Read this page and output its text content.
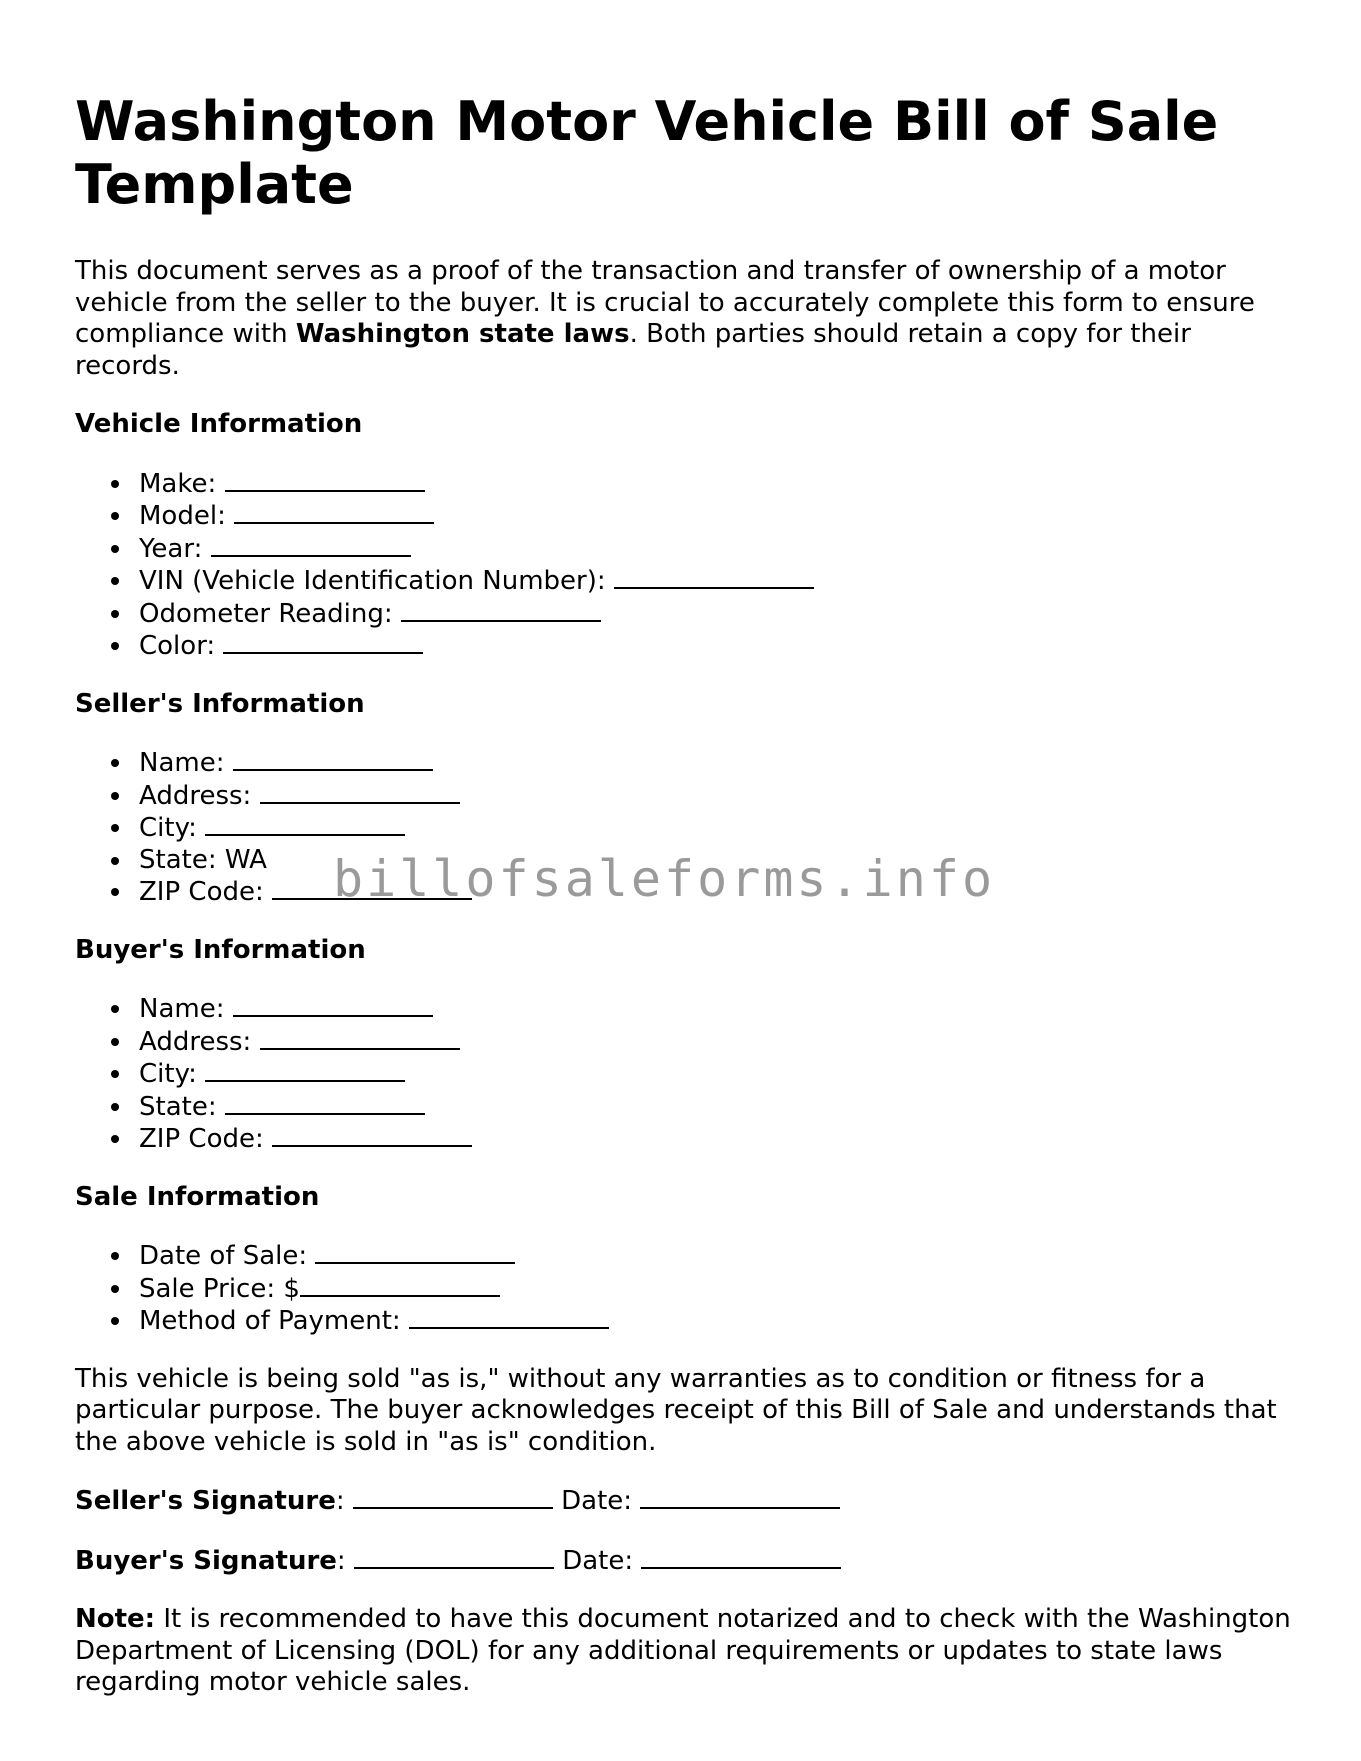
Washington Motor Vehicle Bill of Sale Template

This document serves as a proof of the transaction and transfer of ownership of a motor vehicle from the seller to the buyer. It is crucial to accurately complete this form to ensure compliance with Washington state laws. Both parties should retain a copy for their records.

Vehicle Information
Make:
Model:
Year:
VIN (Vehicle Identification Number):
Odometer Reading:
Color:
Seller's Information
Name:
Address:
City:
State: WA
ZIP Code:
Buyer's Information
Name:
Address:
City:
State:
ZIP Code:
Sale Information
Date of Sale:
Sale Price: $
Method of Payment:

This vehicle is being sold "as is," without any warranties as to condition or fitness for a particular purpose. The buyer acknowledges receipt of this Bill of Sale and understands that the above vehicle is sold in "as is" condition.

Seller's Signature:	Date:

Buyer's Signature:	Date:

Note: It is recommended to have this document notarized and to check with the Washington Department of Licensing (DOL) for any additional requirements or updates to state laws regarding motor vehicle sales.

billofsaleforms.info
